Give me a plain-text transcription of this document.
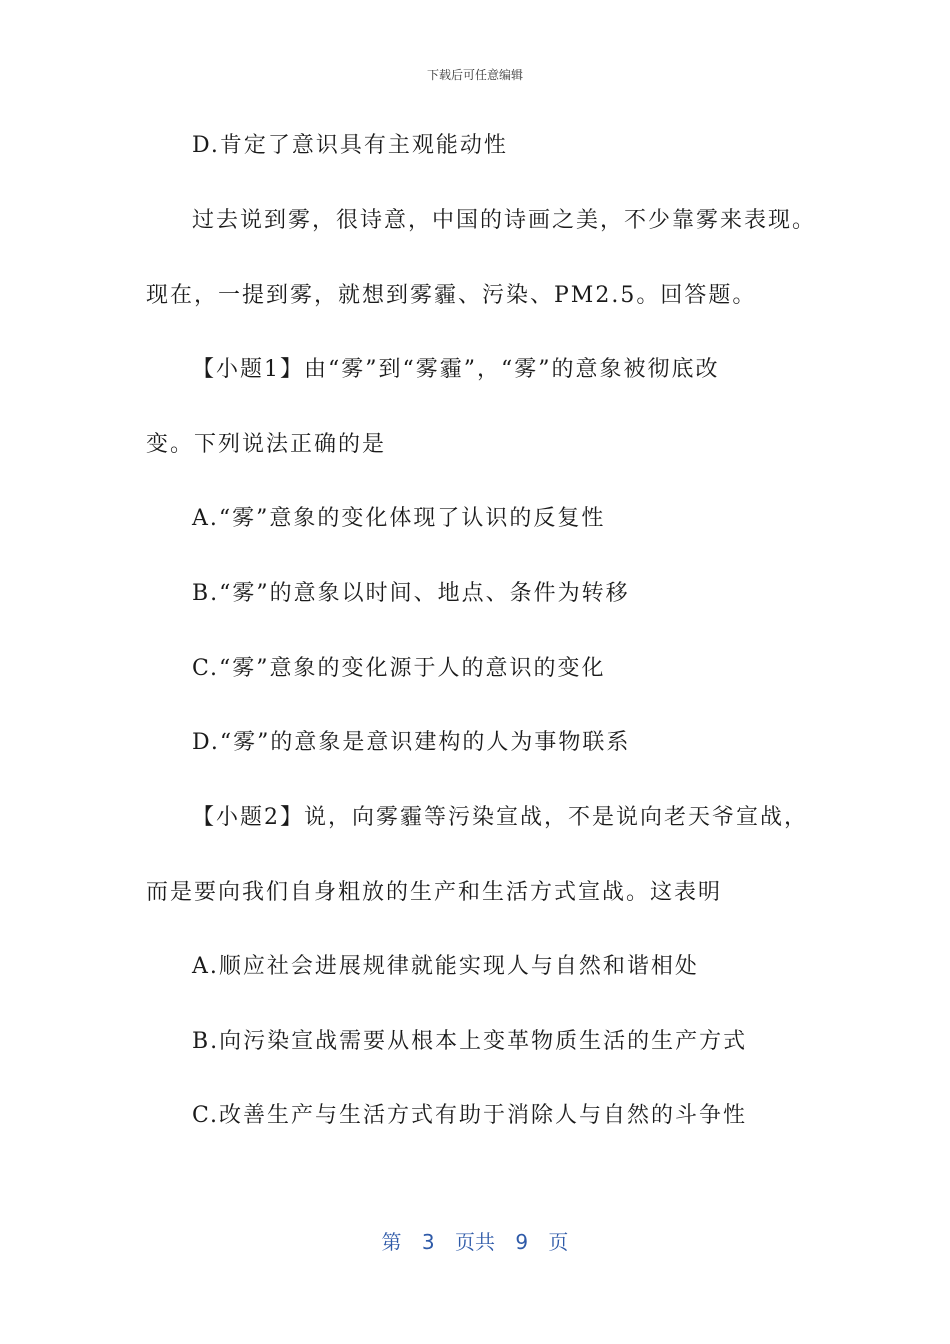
下载后可任意编辑
D.肯定了意识具有主观能动性
过去说到雾，很诗意，中国的诗画之美，不少靠雾来表现。
现在，一提到雾，就想到雾霾、污染、PM2.5。回答题。
【小题1】由“雾”到“雾霾”，“雾”的意象被彻底改
变。下列说法正确的是
A.“雾”意象的变化体现了认识的反复性
B.“雾”的意象以时间、地点、条件为转移
C.“雾”意象的变化源于人的意识的变化
D.“雾”的意象是意识建构的人为事物联系
【小题2】说，向雾霾等污染宣战，不是说向老天爷宣战，
而是要向我们自身粗放的生产和生活方式宣战。这表明
A.顺应社会进展规律就能实现人与自然和谐相处
B.向污染宣战需要从根本上变革物质生活的生产方式
C.改善生产与生活方式有助于消除人与自然的斗争性
第 3 页共 9 页
